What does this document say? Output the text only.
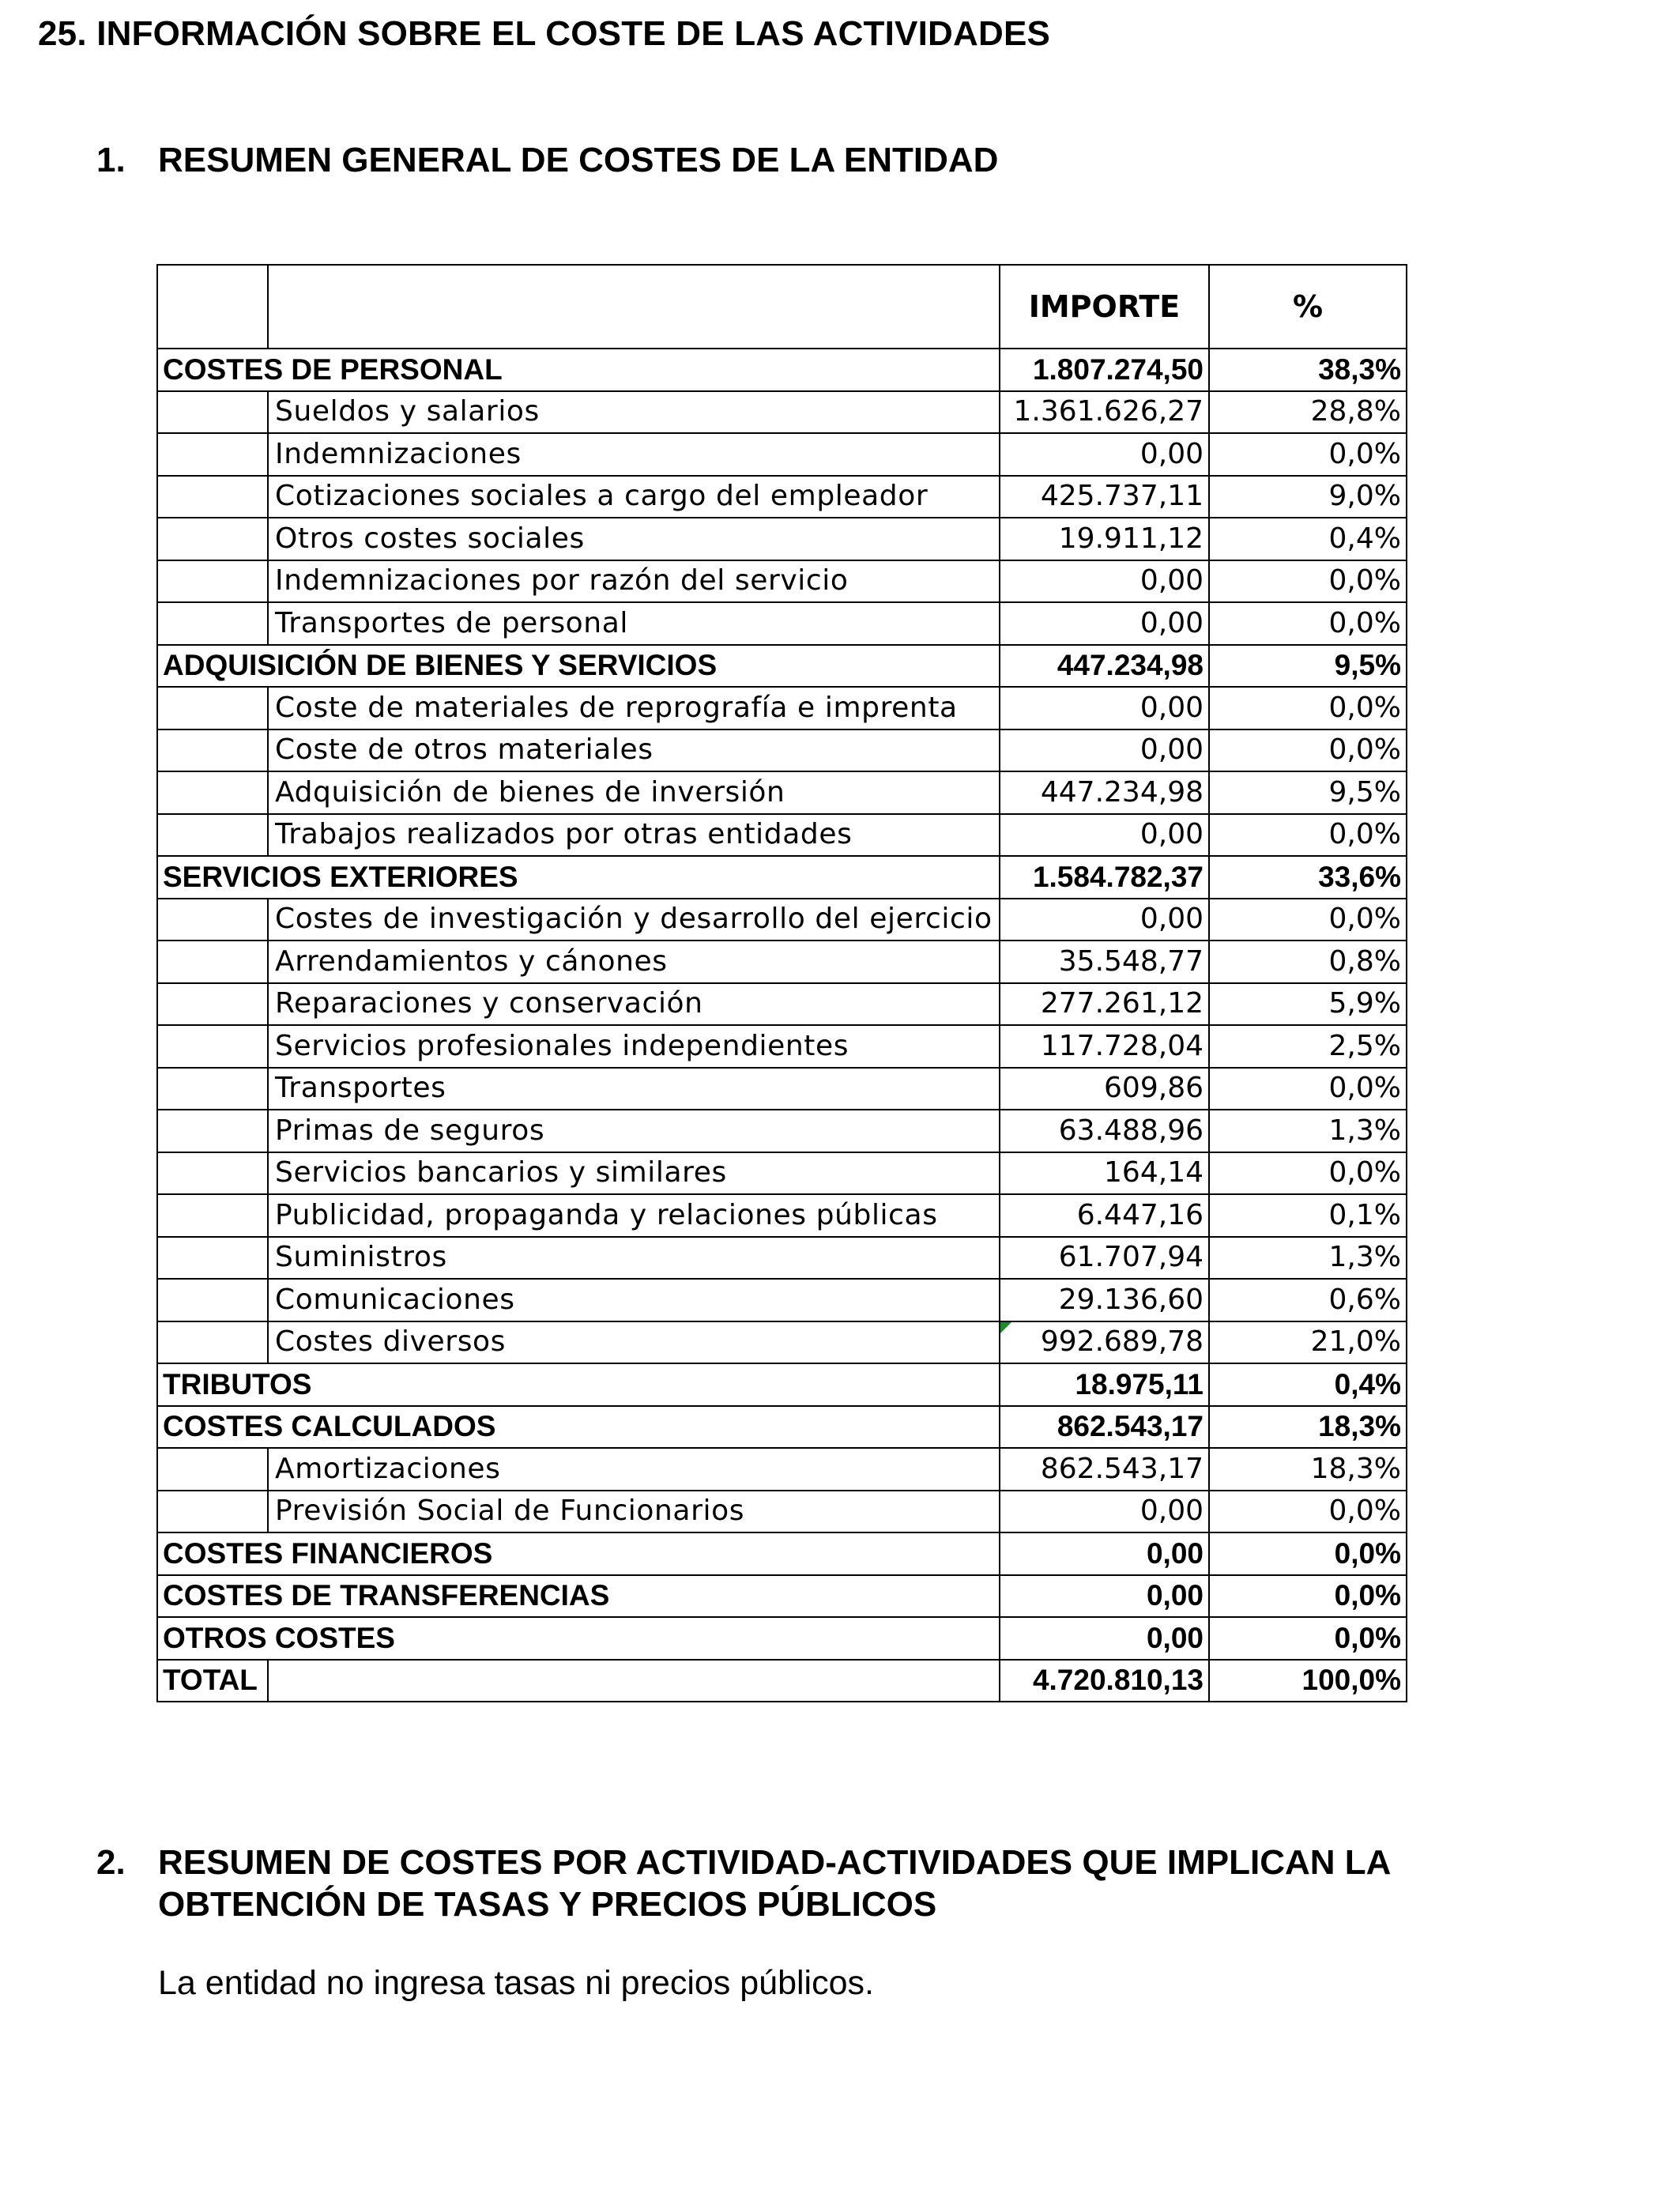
25. INFORMACIÓN SOBRE EL COSTE DE LAS ACTIVIDADES
1. RESUMEN GENERAL DE COSTES DE LA ENTIDAD
		IMPORTE	%
COSTES DE PERSONAL		1.807.274,50	38,3%
	Sueldos y salarios	1.361.626,27	28,8%
	Indemnizaciones	0,00	0,0%
	Cotizaciones sociales a cargo del empleador	425.737,11	9,0%
	Otros costes sociales	19.911,12	0,4%
	Indemnizaciones por razón del servicio	0,00	0,0%
	Transportes de personal	0,00	0,0%
ADQUISICIÓN DE BIENES Y SERVICIOS		447.234,98	9,5%
	Coste de materiales de reprografía e imprenta	0,00	0,0%
	Coste de otros materiales	0,00	0,0%
	Adquisición de bienes de inversión	447.234,98	9,5%
	Trabajos realizados por otras entidades	0,00	0,0%
SERVICIOS EXTERIORES		1.584.782,37	33,6%
	Costes de investigación y desarrollo del ejercicio	0,00	0,0%
	Arrendamientos y cánones	35.548,77	0,8%
	Reparaciones y conservación	277.261,12	5,9%
	Servicios profesionales independientes	117.728,04	2,5%
	Transportes	609,86	0,0%
	Primas de seguros	63.488,96	1,3%
	Servicios bancarios y similares	164,14	0,0%
	Publicidad, propaganda y relaciones públicas	6.447,16	0,1%
	Suministros	61.707,94	1,3%
	Comunicaciones	29.136,60	0,6%
	Costes diversos	992.689,78	21,0%
TRIBUTOS		18.975,11	0,4%
COSTES CALCULADOS		862.543,17	18,3%
	Amortizaciones	862.543,17	18,3%
	Previsión Social de Funcionarios	0,00	0,0%
COSTES FINANCIEROS		0,00	0,0%
COSTES DE TRANSFERENCIAS		0,00	0,0%
OTROS COSTES		0,00	0,0%
TOTAL		4.720.810,13	100,0%
2. RESUMEN DE COSTES POR ACTIVIDAD-ACTIVIDADES QUE IMPLICAN LA
OBTENCIÓN DE TASAS Y PRECIOS PÚBLICOS

La entidad no ingresa tasas ni precios públicos.
